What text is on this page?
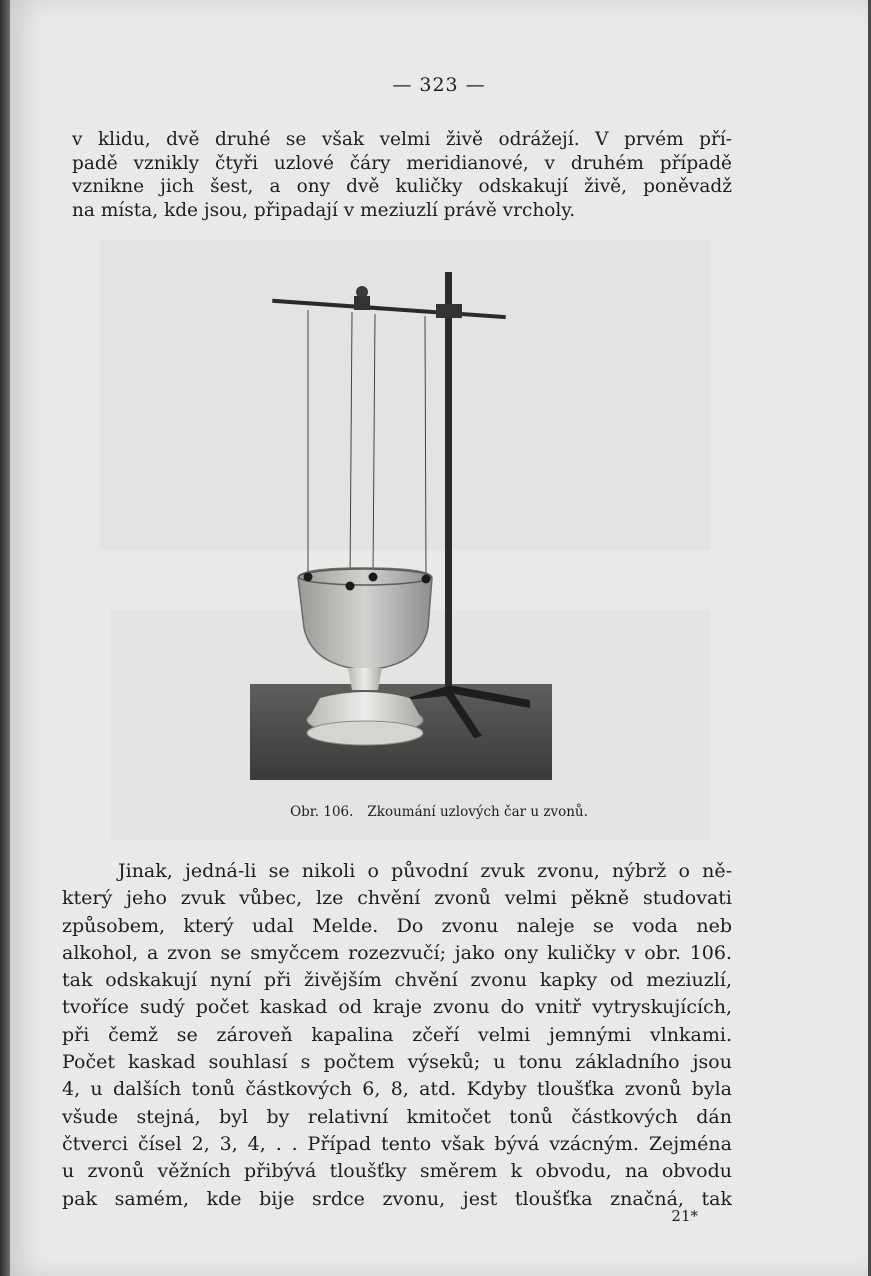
— 323 —
v klidu, dvě druhé se však velmi živě odrážejí. V prvém pří-
padě vznikly čtyři uzlové čáry meridianové, v druhém případě
vznikne jich šest, a ony dvě kuličky odskakují živě, poněvadž
na místa, kde jsou, připadají v meziuzlí právě vrcholy.
Obr. 106. Zkoumání uzlových čar u zvonů.
Jinak, jedná-li se nikoli o původní zvuk zvonu, nýbrž o ně-
který jeho zvuk vůbec, lze chvění zvonů velmi pěkně studovati
způsobem, který udal Melde. Do zvonu naleje se voda neb
alkohol, a zvon se smyčcem rozezvučí; jako ony kuličky v obr. 106.
tak odskakují nyní při živějším chvění zvonu kapky od meziuzlí,
tvoříce sudý počet kaskad od kraje zvonu do vnitř vytryskujících,
při čemž se zároveň kapalina zčeří velmi jemnými vlnkami.
Počet kaskad souhlasí s počtem výseků; u tonu základního jsou
4, u dalších tonů částkových 6, 8, atd. Kdyby tloušťka zvonů byla
všude stejná, byl by relativní kmitočet tonů částkových dán
čtverci čísel 2, 3, 4, . . Případ tento však bývá vzácným. Zejména
u zvonů věžních přibývá tloušťky směrem k obvodu, na obvodu
pak samém, kde bije srdce zvonu, jest tloušťka značná, tak
21*
